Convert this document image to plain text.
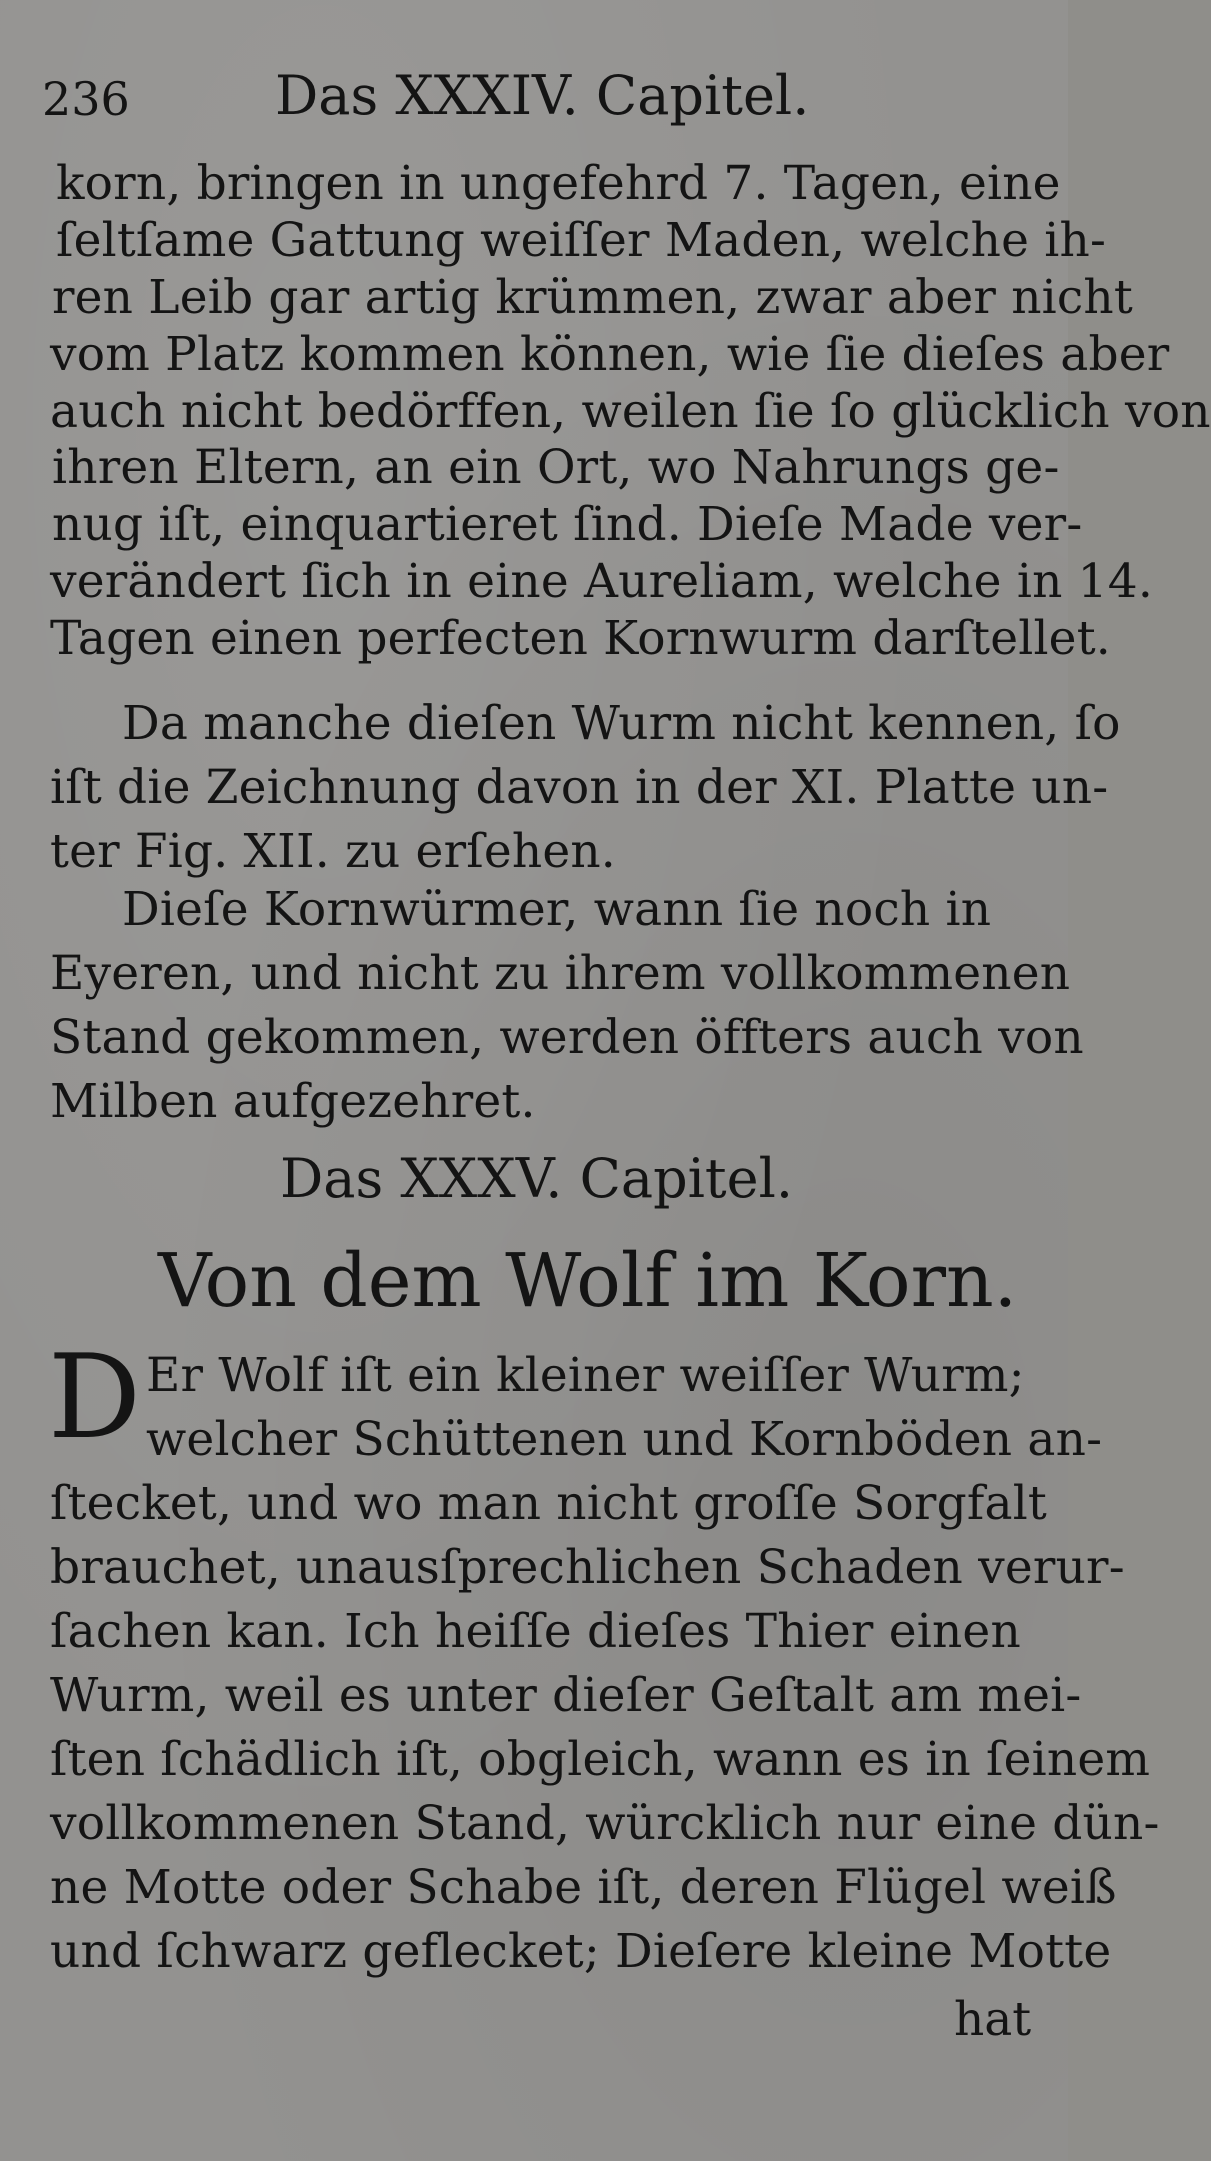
236	Das XXXIV. Capitel.
korn, bringen in ungefehrd 7. Tagen, eine
ſeltſame Gattung weiſſer Maden, welche ih-
ren Leib gar artig krümmen, zwar aber nicht
vom Platz kommen können, wie ſie dieſes aber
auch nicht bedörffen, weilen ſie ſo glücklich von
ihren Eltern, an ein Ort, wo Nahrungs ge-
nug iſt, einquartieret ſind. Dieſe Made ver-
verändert ſich in eine Aureliam, welche in 14.
Tagen einen perfecten Kornwurm darſtellet.
Da manche dieſen Wurm nicht kennen, ſo
iſt die Zeichnung davon in der XI. Platte un-
ter Fig. XII. zu erſehen.
Dieſe Kornwürmer, wann ſie noch in
Eyeren, und nicht zu ihrem vollkommenen
Stand gekommen, werden öffters auch von
Milben aufgezehret.
Das XXXV. Capitel.
Von dem Wolf im Korn.
D Er Wolf iſt ein kleiner weiſſer Wurm;
welcher Schüttenen und Kornböden an-
ſtecket, und wo man nicht groſſe Sorgfalt
brauchet, unausſprechlichen Schaden verur-
ſachen kan. Ich heiſſe dieſes Thier einen
Wurm, weil es unter dieſer Geſtalt am mei-
ſten ſchädlich iſt, obgleich, wann es in ſeinem
vollkommenen Stand, würcklich nur eine dün-
ne Motte oder Schabe iſt, deren Flügel weiß
und ſchwarz geflecket; Dieſere kleine Motte
hat
